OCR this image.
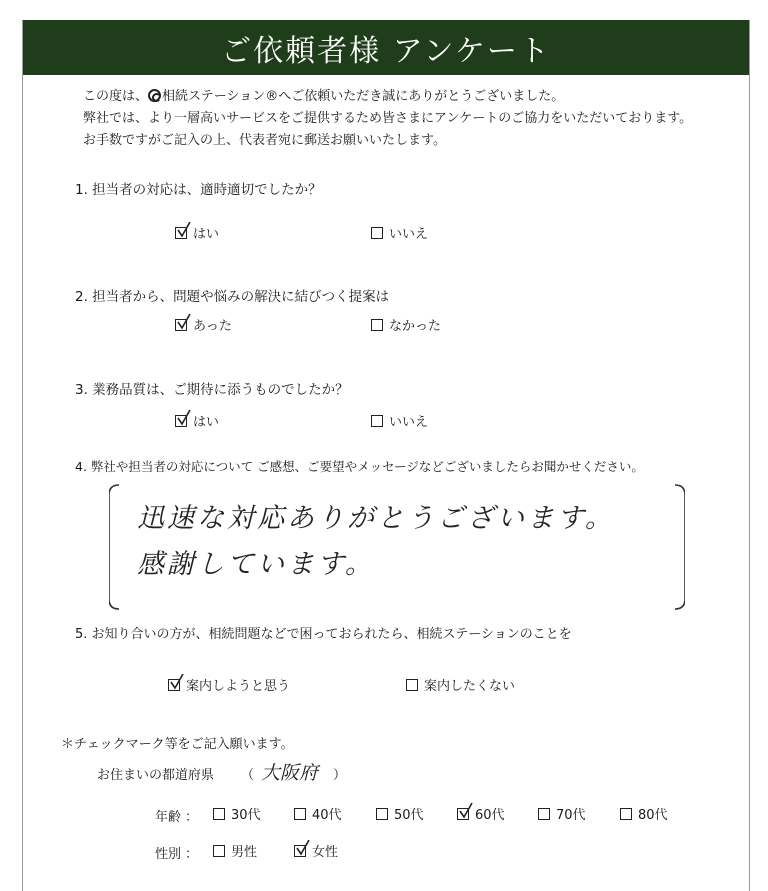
ご依頼者様 アンケート
この度は、 相続ステーション®へご依頼いただき誠にありがとうございました。
弊社では、より一層高いサービスをご提供するため皆さまにアンケートのご協力をいただいております。
お手数ですがご記入の上、代表者宛に郵送お願いいたします。
1. 担当者の対応は、適時適切でしたか？
はい	いいえ
2. 担当者から、問題や悩みの解決に結びつく提案は
あった	なかった
3. 業務品質は、ご期待に添うものでしたか？
はい	いいえ
4. 弊社や担当者の対応について ご感想、ご要望やメッセージなどございましたらお聞かせください。
迅速な対応ありがとうございます。
感謝しています。
5. お知り合いの方が、相続問題などで困っておられたら、相続ステーションのことを
案内しようと思う	案内したくない
＊チェックマーク等をご記入願います。
お住まいの都道府県 （ 大阪府 ）
年齢 ：	30代	40代	50代	60代	70代	80代
性別 ：	男性	女性
